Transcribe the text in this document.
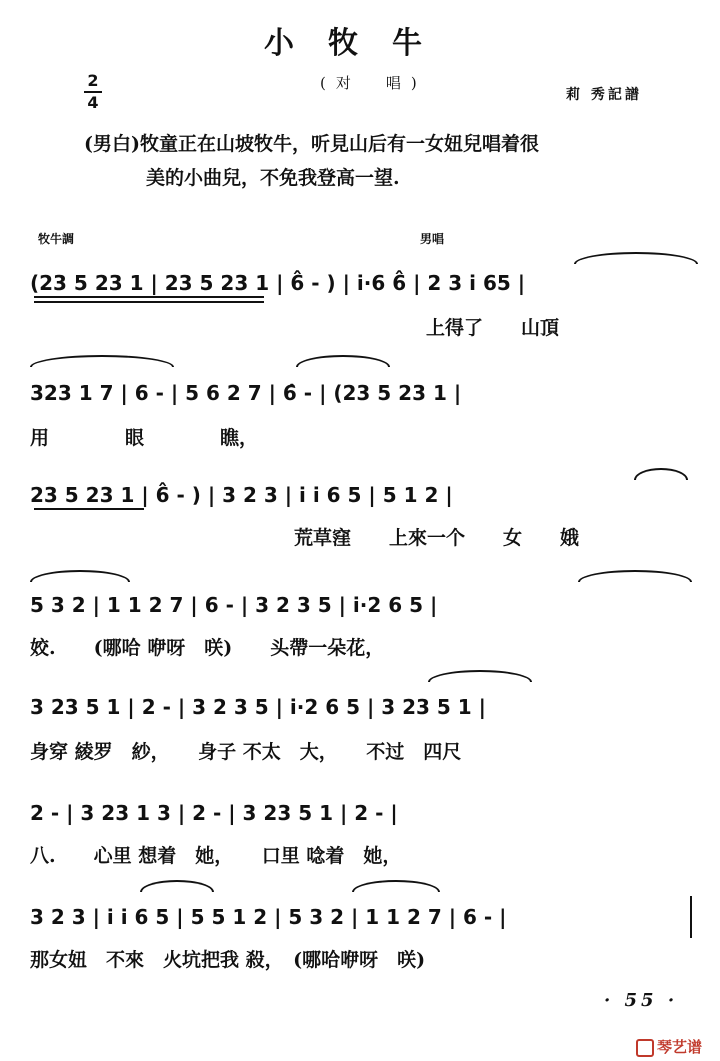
小牧牛
2
4
(对　唱)
莉 秀記譜
(男白)牧童正在山坡牧牛，听見山后有一女妞兒唱着很
美的小曲兒，不免我登高一望.
牧牛調	男唱
(23 5 23 1 | 23 5 23 1 | 6̂ - ) | i·6 6̂ | 2 3 i 65 |
上得了　　山頂
323 1 7 | 6 - | 5 6 2 7 | 6̂ - | (23 5 23 1 |
用　　　　眼　　　　瞧，
23 5 23 1 | 6̂ - ) | 3 2 3 | i i 6 5 | 5 1 2 |
荒草窪　　上來一个　　女　　娥
5 3 2 | 1 1 2 7 | 6 - | 3 2 3 5 | i·2 6 5 |
姣.　　(哪哈 咿呀　咲)　　头帶一朵花，
3 23 5 1 | 2 - | 3 2 3 5 | i·2 6 5 | 3 23 5 1 |
身穿 綾罗　紗，　　身子 不太　大，　　不过　四尺
2 - | 3 23 1 3 | 2 - | 3 23 5 1 | 2 - |
八.　　心里 想着　她，　　口里 唸着　她，
3 2 3 | i i 6 5 | 5 5 1 2 | 5 3 2 | 1 1 2 7 | 6 - |
那女妞　不來　火坑把我 殺，　(哪哈咿呀　咲)
· 55 ·
琴艺谱
